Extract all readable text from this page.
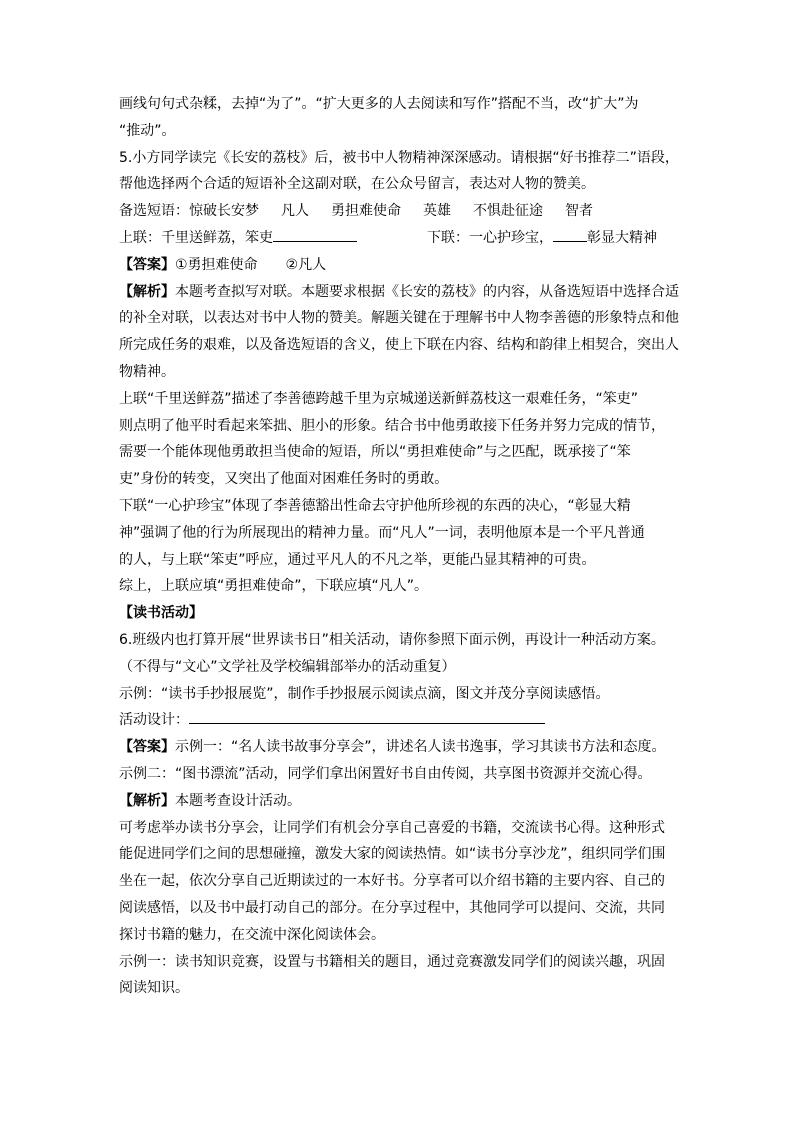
画线句句式杂糅，去掉“为了”。“扩大更多的人去阅读和写作”搭配不当，改“扩大”为

“推动”。

5.小方同学读完《长安的荔枝》后，被书中人物精神深深感动。请根据“好书推荐二”语段，

帮他选择两个合适的短语补全这副对联，在公众号留言，表达对人物的赞美。

备选短语：惊破长安梦 凡人 勇担难使命 英雄 不惧赴征途 智者

上联：千里送鲜荔，笨吏	下联：一心护珍宝， 彰显大精神

【答案】①勇担难使命　　②凡人

【解析】本题考查拟写对联。本题要求根据《长安的荔枝》的内容，从备选短语中选择合适

的补全对联，以表达对书中人物的赞美。解题关键在于理解书中人物李善德的形象特点和他

所完成任务的艰难，以及备选短语的含义，使上下联在内容、结构和韵律上相契合，突出人

物精神。

上联“千里送鲜荔”描述了李善德跨越千里为京城递送新鲜荔枝这一艰难任务，“笨吏”

则点明了他平时看起来笨拙、胆小的形象。结合书中他勇敢接下任务并努力完成的情节，

需要一个能体现他勇敢担当使命的短语，所以“勇担难使命”与之匹配，既承接了“笨

吏”身份的转变，又突出了他面对困难任务时的勇敢。

下联“一心护珍宝”体现了李善德豁出性命去守护他所珍视的东西的决心，“彰显大精

神”强调了他的行为所展现出的精神力量。而“凡人”一词，表明他原本是一个平凡普通

的人，与上联“笨吏”呼应，通过平凡人的不凡之举，更能凸显其精神的可贵。

综上，上联应填“勇担难使命”，下联应填“凡人”。

【读书活动】

6.班级内也打算开展“世界读书日”相关活动，请你参照下面示例，再设计一种活动方案。

（不得与“文心”文学社及学校编辑部举办的活动重复）

示例：“读书手抄报展览”，制作手抄报展示阅读点滴，图文并茂分享阅读感悟。

活动设计：

【答案】示例一：“名人读书故事分享会”，讲述名人读书逸事，学习其读书方法和态度。

示例二：“图书漂流”活动，同学们拿出闲置好书自由传阅，共享图书资源并交流心得。

【解析】本题考查设计活动。

可考虑举办读书分享会，让同学们有机会分享自己喜爱的书籍，交流读书心得。这种形式

能促进同学们之间的思想碰撞，激发大家的阅读热情。如“读书分享沙龙”，组织同学们围

坐在一起，依次分享自己近期读过的一本好书。分享者可以介绍书籍的主要内容、自己的

阅读感悟，以及书中最打动自己的部分。在分享过程中，其他同学可以提问、交流，共同

探讨书籍的魅力，在交流中深化阅读体会。

示例一：读书知识竞赛，设置与书籍相关的题目，通过竞赛激发同学们的阅读兴趣，巩固

阅读知识。
